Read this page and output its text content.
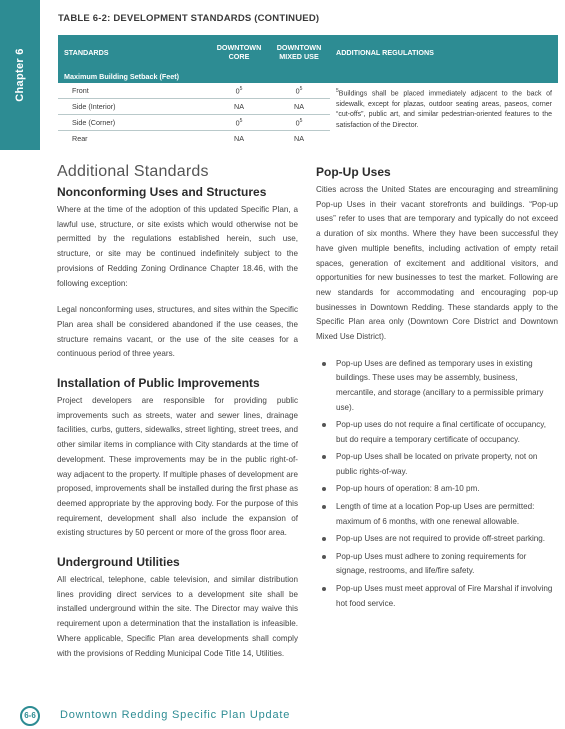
Chapter 6
TABLE 6-2: DEVELOPMENT STANDARDS (CONTINUED)
STANDARDS	DOWNTOWN CORE	DOWNTOWN MIXED USE	ADDITIONAL REGULATIONS
Maximum Building Setback (Feet)			
Front	$0^5$	$0^5$	$^5$Buildings shall be placed immediately adjacent to the back of sidewalk, except for plazas, outdoor seating areas, paseos, corner “cut-offs”, public art, and similar pedestrian-oriented features to the satisfaction of the Director.
Side (Interior)	NA	NA	
Side (Corner)	$0^5$	$0^5$
Rear	NA	NA	
Additional Standards
Nonconforming Uses and Structures

Where at the time of the adoption of this updated Specific Plan, a lawful use, structure, or site exists which would otherwise not be permitted by the regulations established herein, such use, structure, or site may be continued indefinitely subject to the provisions of Redding Zoning Ordinance Chapter 18.46, with the following exception:

Legal nonconforming uses, structures, and sites within the Specific Plan area shall be considered abandoned if the use ceases, the structure remains vacant, or the use of the site ceases for a continuous period of three years.

Installation of Public Improvements

Project developers are responsible for providing public improvements such as streets, water and sewer lines, drainage facilities, curbs, gutters, sidewalks, street lighting, street trees, and other similar items in compliance with City standards at the time of development. These improvements may be in the public right-of-way adjacent to the property. If multiple phases of development are proposed, improvements shall be installed during the first phase as deemed appropriate by the approving body. For the purpose of this requirement, development shall also include the expansion of existing structures by 50 percent or more of the gross floor area.

Underground Utilities

All electrical, telephone, cable television, and similar distribution lines providing direct services to a development site shall be installed underground within the site. The Director may waive this requirement upon a determination that the installation is infeasible. Where applicable, Specific Plan area developments shall comply with the provisions of Redding Municipal Code Title 14, Utilities.

Pop-Up Uses

Cities across the United States are encouraging and streamlining Pop-up Uses in their vacant storefronts and buildings. “Pop-up uses” refer to uses that are temporary and typically do not exceed a duration of six months. Where they have been successful they have given multiple benefits, including activation of empty retail spaces, generation of excitement and additional visitors, and opportunities for new businesses to test the market. Following are new standards for accommodating and encouraging pop-up businesses in Downtown Redding. These standards apply to the Specific Plan area only (Downtown Core District and Downtown Mixed Use District).

Pop-up Uses are defined as temporary uses in existing buildings. These uses may be assembly, business, mercantile, and storage (ancillary to a permissible primary use).
Pop-up uses do not require a final certificate of occupancy, but do require a temporary certificate of occupancy.
Pop-up Uses shall be located on private property, not on public rights-of-way.
Pop-up hours of operation: 8 am-10 pm.
Length of time at a location Pop-up Uses are permitted: maximum of 6 months, with one renewal allowable.
Pop-up Uses are not required to provide off-street parking.
Pop-up Uses must adhere to zoning requirements for signage, restrooms, and life/fire safety.
Pop-up Uses must meet approval of Fire Marshal if involving hot food service.
6-6	Downtown Redding Specific Plan Update
